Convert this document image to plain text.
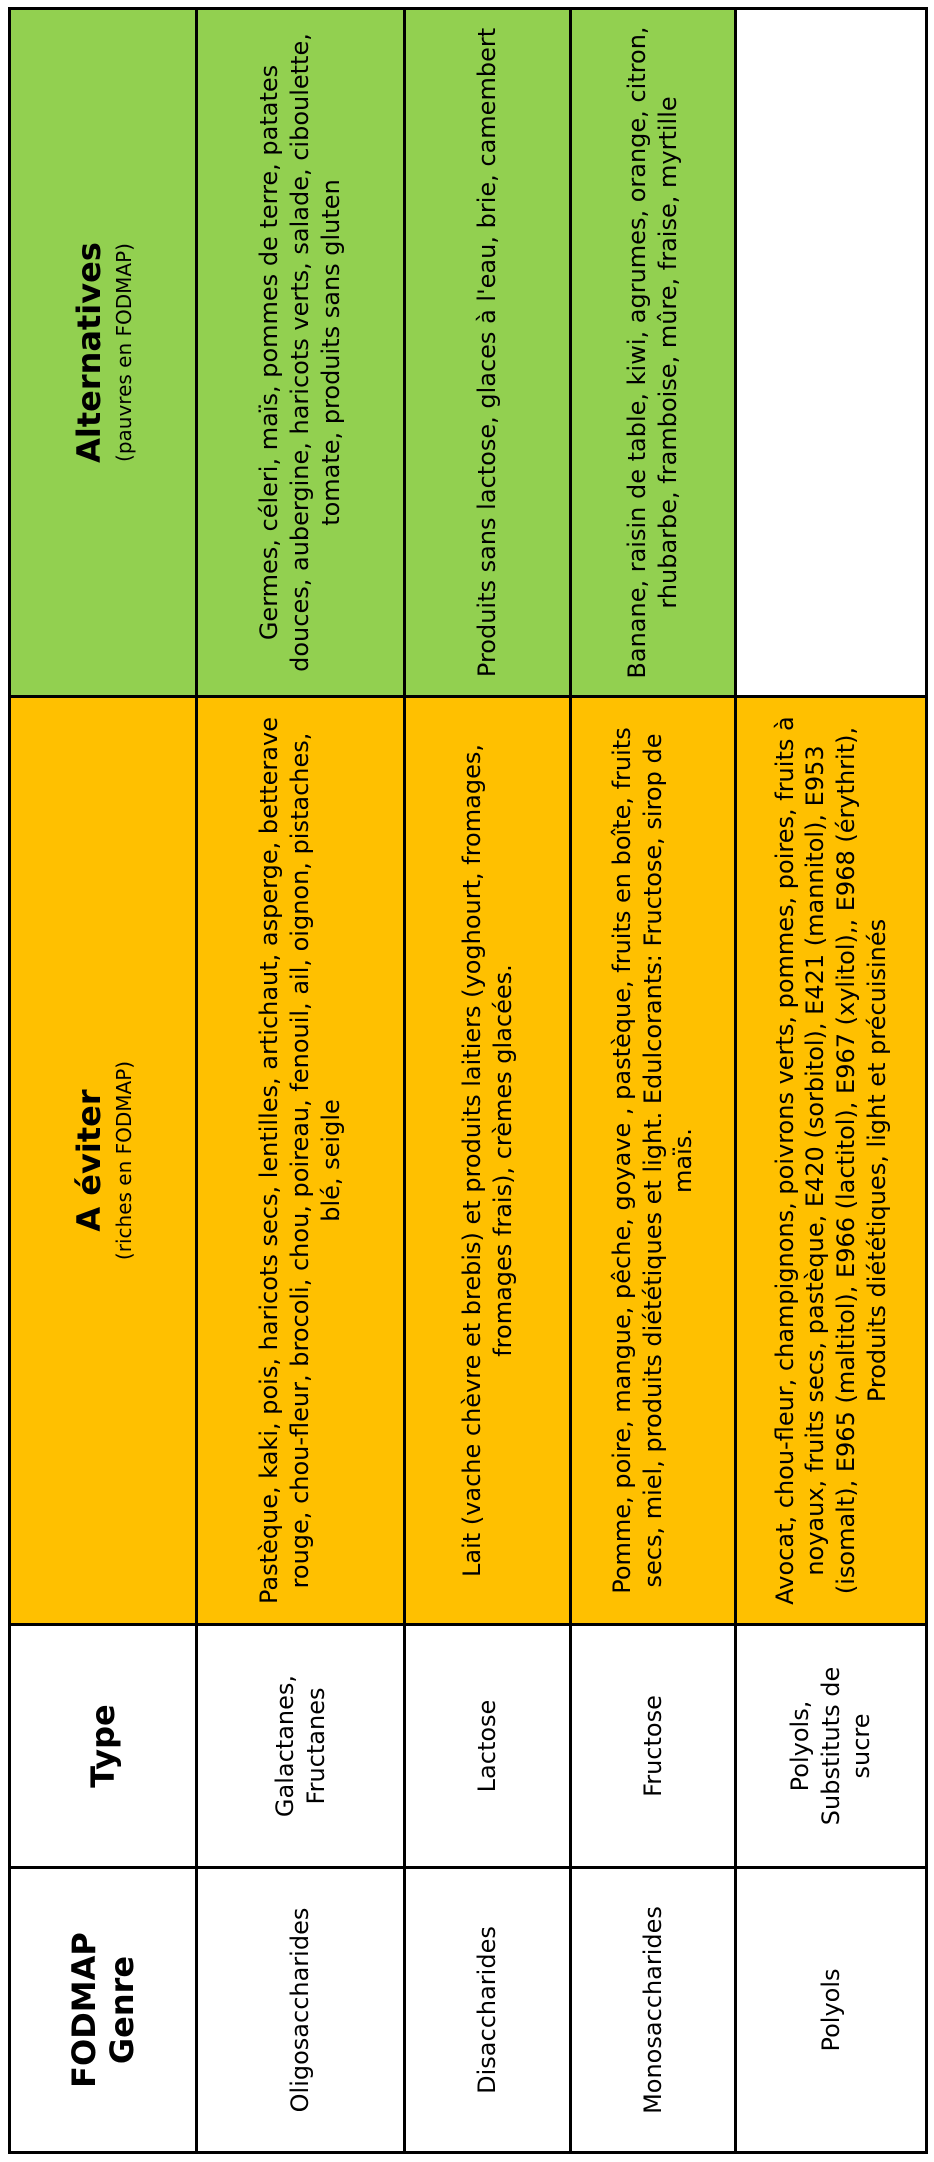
FODMAP Genre	Type	A éviter (riches en FODMAP)	Alternatives (pauvres en FODMAP)

Oligosaccharides	Galactanes, Fructanes	Pastèque, kaki, pois, haricots secs, lentilles, artichaut, asperge, betterave rouge, chou-fleur, brocoli, chou, poireau, fenouil, ail, oignon, pistaches, blé, seigle	Germes, céleri, maïs, pommes de terre, patates douces, aubergine, haricots verts, salade, ciboulette, tomate, produits sans gluten
Disaccharides	Lactose	Lait (vache chèvre et brebis) et produits laitiers (yoghourt, fromages, fromages frais), crèmes glacées.	Produits sans lactose, glaces à l'eau, brie, camembert
Monosaccharides	Fructose	Pomme, poire, mangue, pêche, goyave , pastèque, fruits en boîte, fruits secs, miel, produits diététiques et light. Edulcorants: Fructose, sirop de maïs.	Banane, raisin de table, kiwi, agrumes, orange, citron, rhubarbe, framboise, mûre, fraise, myrtille
Polyols	Polyols, Substituts de sucre	Avocat, chou-fleur, champignons, poivrons verts, pommes, poires, fruits à noyaux, fruits secs, pastèque, E420 (sorbitol), E421 (mannitol), E953 (isomalt), E965 (maltitol), E966 (lactitol), E967 (xylitol),, E968 (érythrit), Produits diététiques, light et précuisinés	
